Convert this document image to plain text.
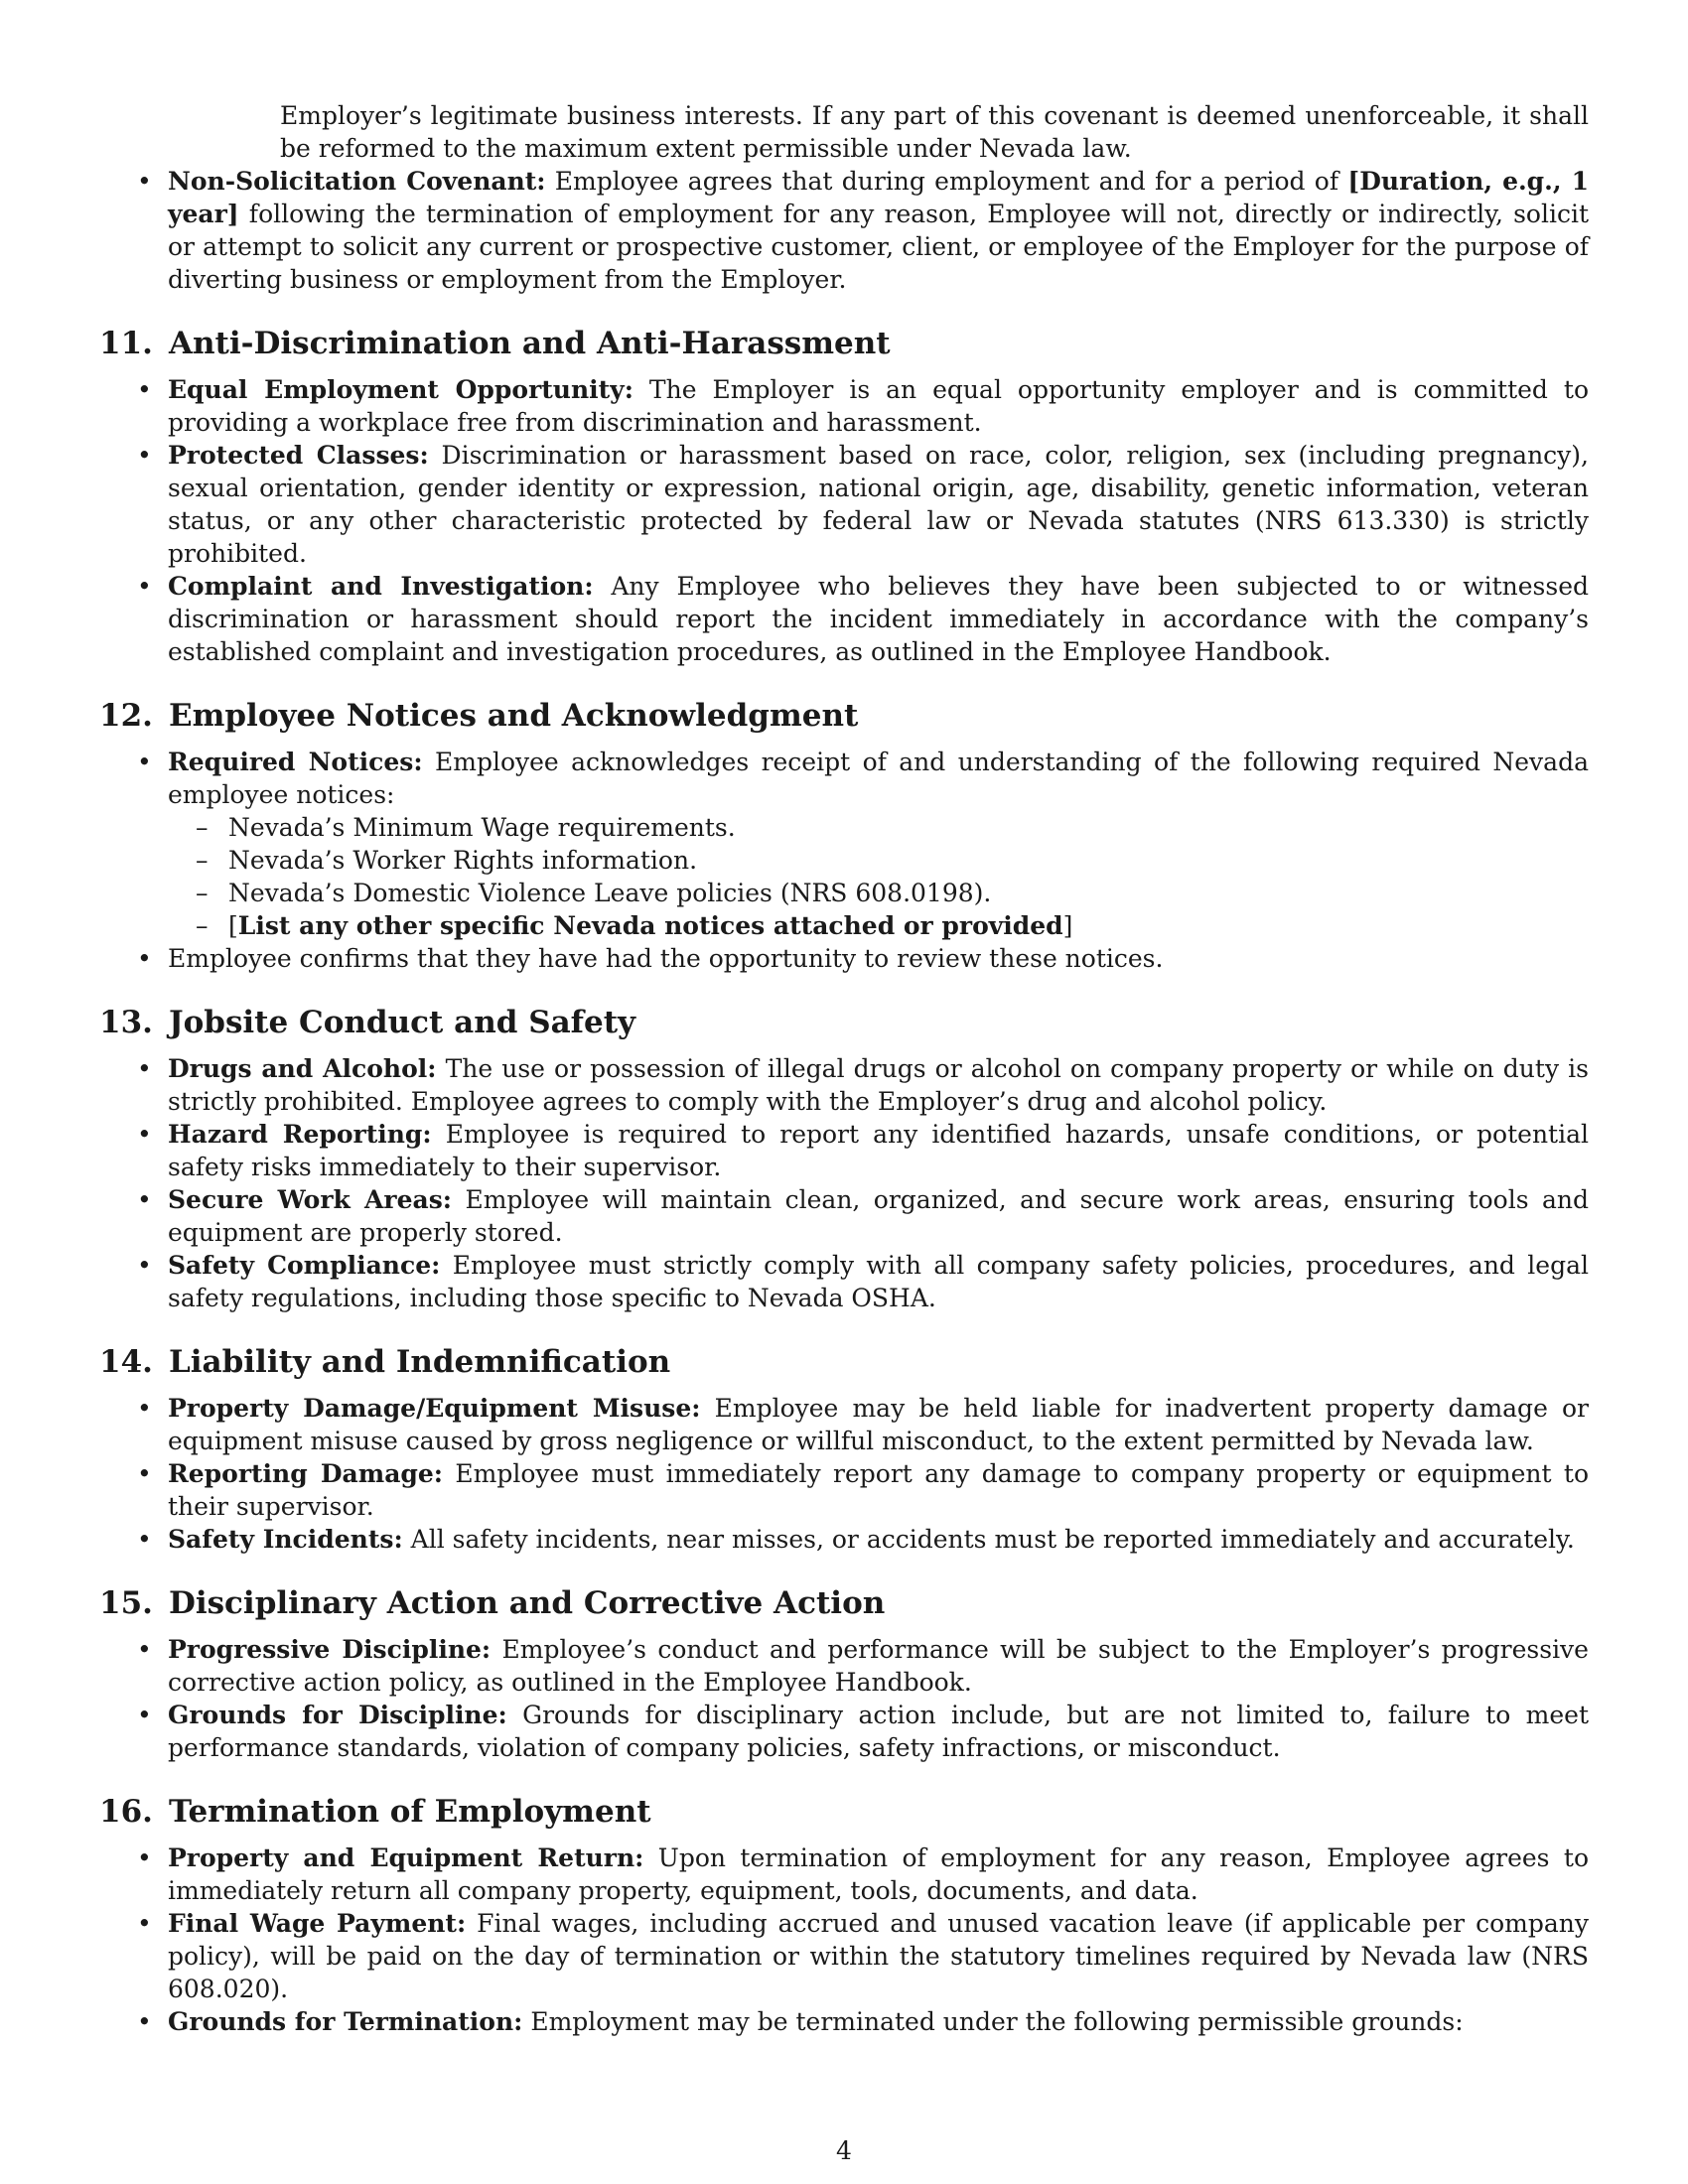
Employer’s legitimate business interests. If any part of this covenant is deemed unenforceable, it shall be reformed to the maximum extent permissible under Nevada law.
• Non-Solicitation Covenant: Employee agrees that during employment and for a period of [Duration, e.g., 1 year] following the termination of employment for any reason, Employee will not, directly or indirectly, solicit or attempt to solicit any current or prospective customer, client, or employee of the Employer for the purpose of diverting business or employment from the Employer.
11. Anti-Discrimination and Anti-Harassment
• Equal Employment Opportunity: The Employer is an equal opportunity employer and is committed to providing a workplace free from discrimination and harassment.
• Protected Classes: Discrimination or harassment based on race, color, religion, sex (including pregnancy), sexual orientation, gender identity or expression, national origin, age, disability, genetic information, veteran status, or any other characteristic protected by federal law or Nevada statutes (NRS 613.330) is strictly prohibited.
• Complaint and Investigation: Any Employee who believes they have been subjected to or witnessed discrimination or harassment should report the incident immediately in accordance with the company’s established complaint and investigation procedures, as outlined in the Employee Handbook.
12. Employee Notices and Acknowledgment
• Required Notices: Employee acknowledges receipt of and understanding of the following required Nevada employee notices:
– Nevada’s Minimum Wage requirements.
– Nevada’s Worker Rights information.
– Nevada’s Domestic Violence Leave policies (NRS 608.0198).
– [List any other specific Nevada notices attached or provided]
• Employee confirms that they have had the opportunity to review these notices.
13. Jobsite Conduct and Safety
• Drugs and Alcohol: The use or possession of illegal drugs or alcohol on company property or while on duty is strictly prohibited. Employee agrees to comply with the Employer’s drug and alcohol policy.
• Hazard Reporting: Employee is required to report any identified hazards, unsafe conditions, or potential safety risks immediately to their supervisor.
• Secure Work Areas: Employee will maintain clean, organized, and secure work areas, ensuring tools and equipment are properly stored.
• Safety Compliance: Employee must strictly comply with all company safety policies, procedures, and legal safety regulations, including those specific to Nevada OSHA.
14. Liability and Indemnification
• Property Damage/Equipment Misuse: Employee may be held liable for inadvertent property damage or equipment misuse caused by gross negligence or willful misconduct, to the extent permitted by Nevada law.
• Reporting Damage: Employee must immediately report any damage to company property or equipment to their supervisor.
• Safety Incidents: All safety incidents, near misses, or accidents must be reported immediately and accurately.
15. Disciplinary Action and Corrective Action
• Progressive Discipline: Employee’s conduct and performance will be subject to the Employer’s progressive corrective action policy, as outlined in the Employee Handbook.
• Grounds for Discipline: Grounds for disciplinary action include, but are not limited to, failure to meet performance standards, violation of company policies, safety infractions, or misconduct.
16. Termination of Employment
• Property and Equipment Return: Upon termination of employment for any reason, Employee agrees to immediately return all company property, equipment, tools, documents, and data.
• Final Wage Payment: Final wages, including accrued and unused vacation leave (if applicable per company policy), will be paid on the day of termination or within the statutory timelines required by Nevada law (NRS 608.020).
• Grounds for Termination: Employment may be terminated under the following permissible grounds:
4
